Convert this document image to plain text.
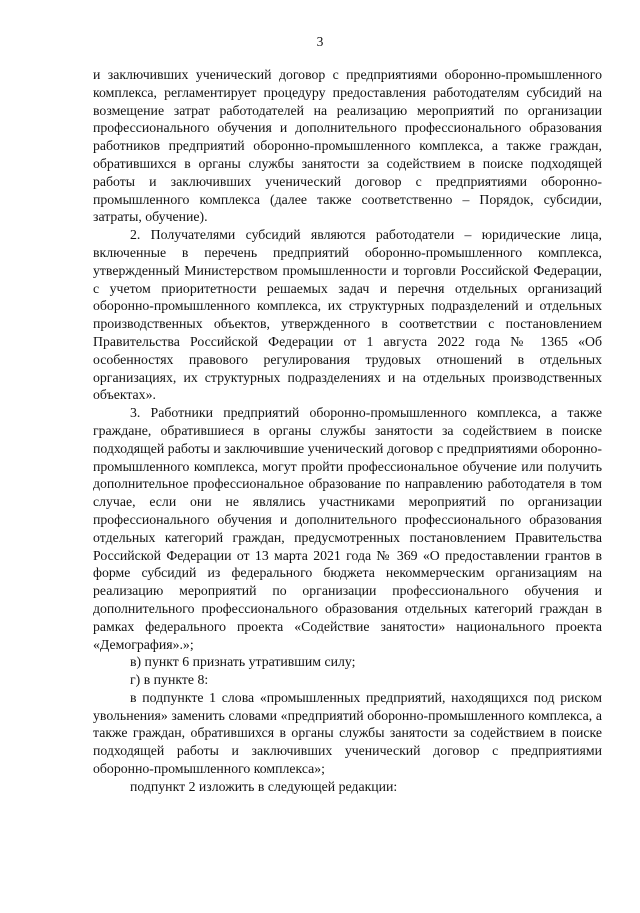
3

и заключивших ученический договор с предприятиями оборонно-промышленного комплекса, регламентирует процедуру предоставления работодателям субсидий на возмещение затрат работодателей на реализацию мероприятий по организации профессионального обучения и дополнительного профессионального образования работников предприятий оборонно-промышленного комплекса, а также граждан, обратившихся в органы службы занятости за содействием в поиске подходящей работы и заключивших ученический договор с предприятиями оборонно-промышленного комплекса (далее также соответственно – Порядок, субсидии, затраты, обучение).

2. Получателями субсидий являются работодатели – юридические лица, включенные в перечень предприятий оборонно-промышленного комплекса, утвержденный Министерством промышленности и торговли Российской Федерации, с учетом приоритетности решаемых задач и перечня отдельных организаций оборонно-промышленного комплекса, их структурных подразделений и отдельных производственных объектов, утвержденного в соответствии с постановлением Правительства Российской Федерации от 1 августа 2022 года № 1365 «Об особенностях правового регулирования трудовых отношений в отдельных организациях, их структурных подразделениях и на отдельных производственных объектах».

3. Работники предприятий оборонно-промышленного комплекса, а также граждане, обратившиеся в органы службы занятости за содействием в поиске подходящей работы и заключившие ученический договор с предприятиями оборонно-промышленного комплекса, могут пройти профессиональное обучение или получить дополнительное профессиональное образование по направлению работодателя в том случае, если они не являлись участниками мероприятий по организации профессионального обучения и дополнительного профессионального образования отдельных категорий граждан, предусмотренных постановлением Правительства Российской Федерации от 13 марта 2021 года № 369 «О предоставлении грантов в форме субсидий из федерального бюджета некоммерческим организациям на реализацию мероприятий по организации профессионального обучения и дополнительного профессионального образования отдельных категорий граждан в рамках федерального проекта «Содействие занятости» национального проекта «Демография».»;

в) пункт 6 признать утратившим силу;

г) в пункте 8:

в подпункте 1 слова «промышленных предприятий, находящихся под риском увольнения» заменить словами «предприятий оборонно-промышленного комплекса, а также граждан, обратившихся в органы службы занятости за содействием в поиске подходящей работы и заключивших ученический договор с предприятиями оборонно-промышленного комплекса»;

подпункт 2 изложить в следующей редакции:
